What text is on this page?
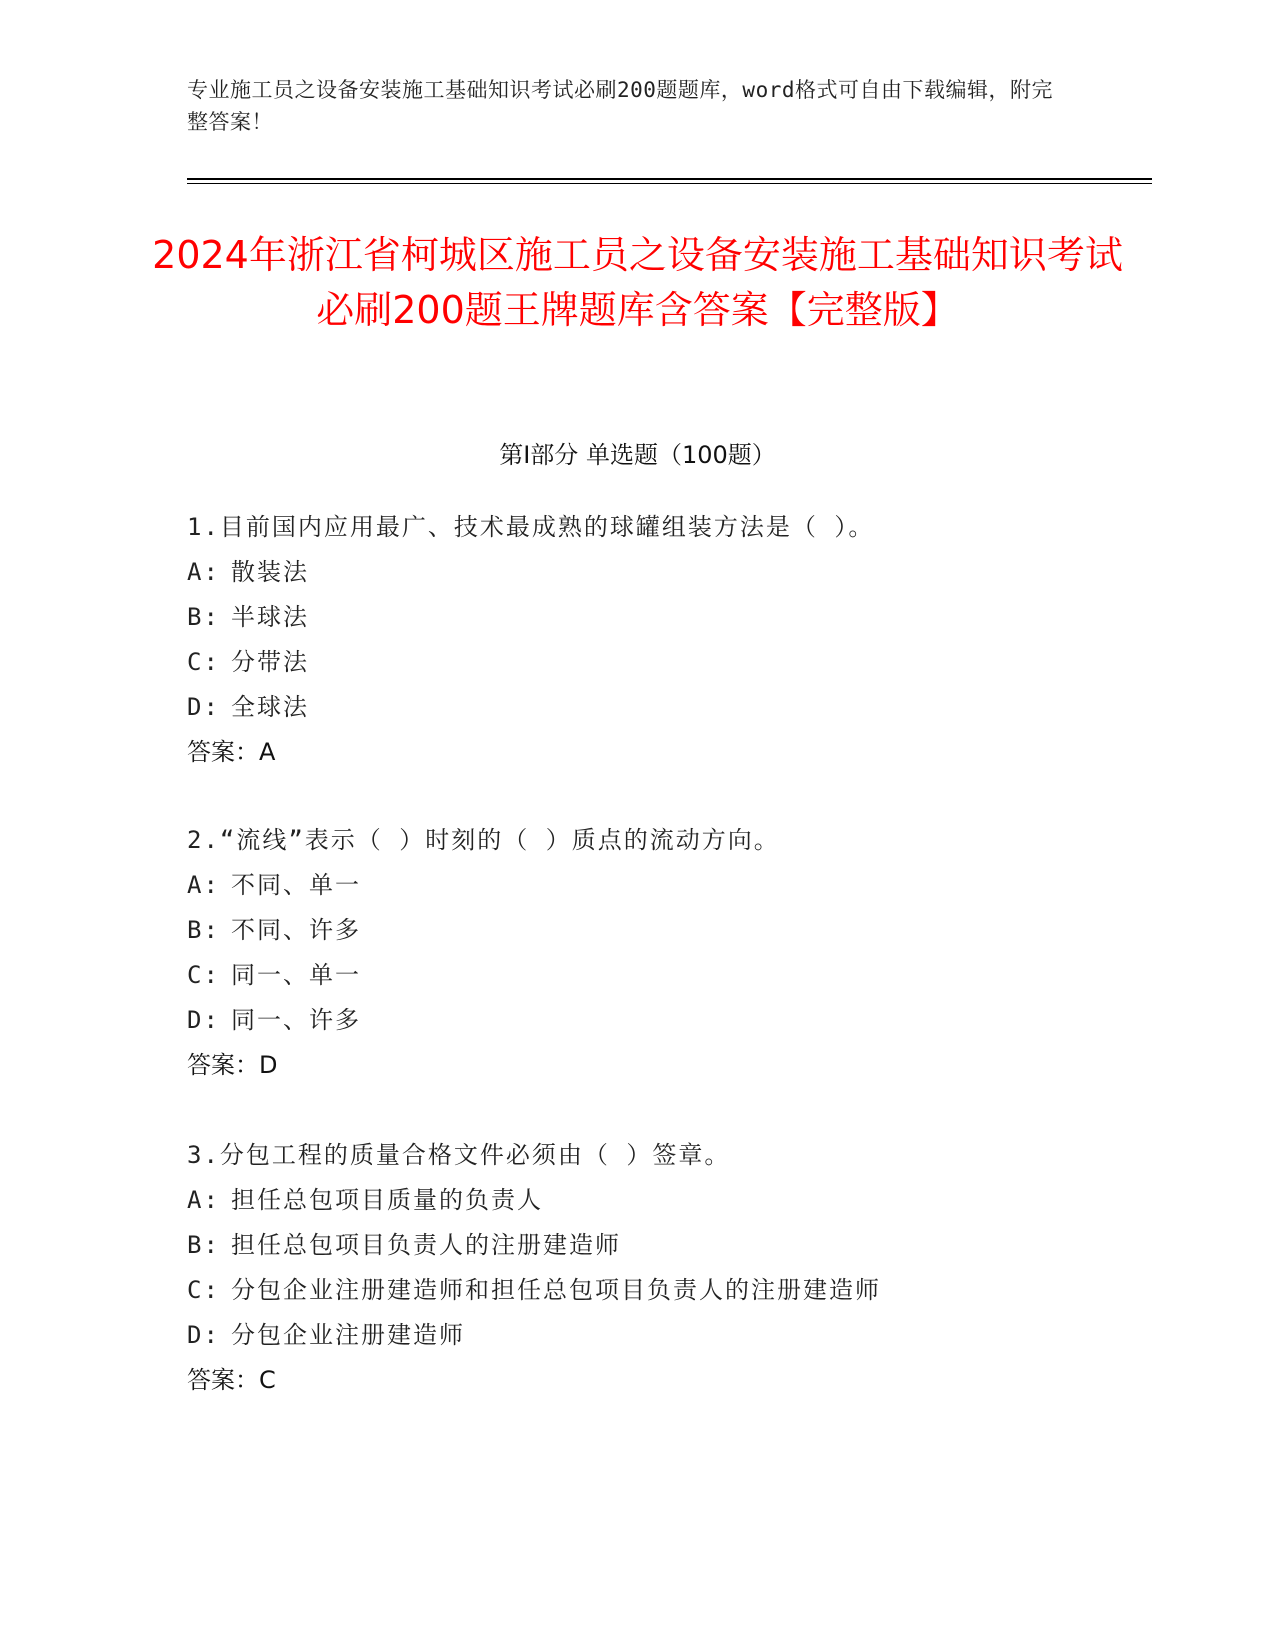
专业施工员之设备安装施工基础知识考试必刷200题题库，word格式可自由下载编辑，附完整答案！
2024年浙江省柯城区施工员之设备安装施工基础知识考试必刷200题王牌题库含答案【完整版】
第Ⅰ部分 单选题（100题）
1.目前国内应用最广、技术最成熟的球罐组装方法是（ ）。
A: 散装法
B: 半球法
C: 分带法
D: 全球法
答案：A
2.“流线”表示（ ）时刻的（ ）质点的流动方向。
A: 不同、单一
B: 不同、许多
C: 同一、单一
D: 同一、许多
答案：D
3.分包工程的质量合格文件必须由（ ）签章。
A: 担任总包项目质量的负责人
B: 担任总包项目负责人的注册建造师
C: 分包企业注册建造师和担任总包项目负责人的注册建造师
D: 分包企业注册建造师
答案：C
